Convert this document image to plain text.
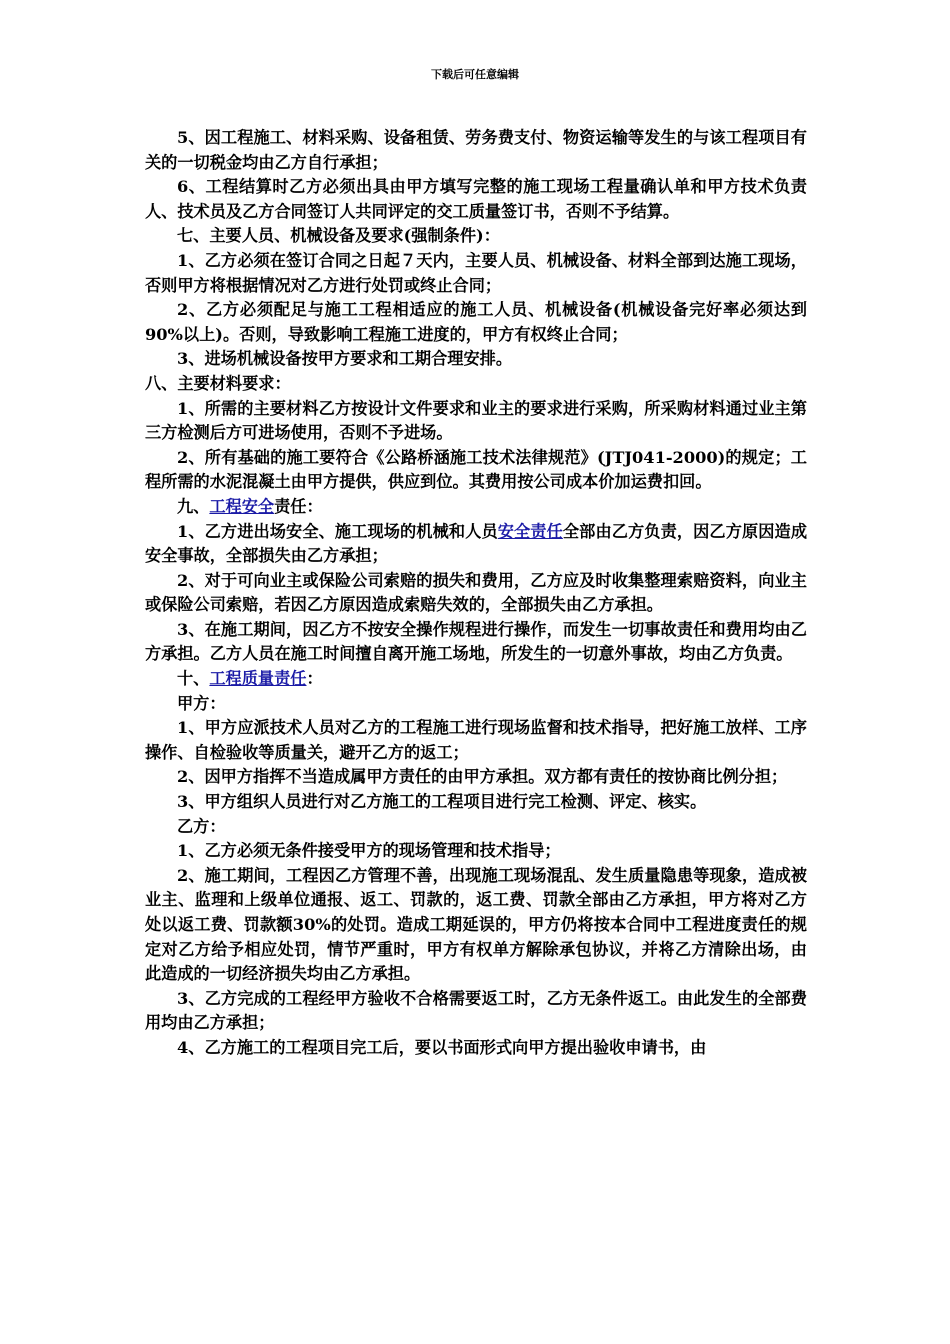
下载后可任意编辑

5、因工程施工、材料采购、设备租赁、劳务费支付、物资运输等发生的与该工程项目有关的一切税金均由乙方自行承担；

6、工程结算时乙方必须出具由甲方填写完整的施工现场工程量确认单和甲方技术负责人、技术员及乙方合同签订人共同评定的交工质量签订书，否则不予结算。

七、主要人员、机械设备及要求(强制条件)：

1、乙方必须在签订合同之日起７天内，主要人员、机械设备、材料全部到达施工现场，否则甲方将根据情况对乙方进行处罚或终止合同；

2、乙方必须配足与施工工程相适应的施工人员、机械设备(机械设备完好率必须达到90%以上)。否则，导致影响工程施工进度的，甲方有权终止合同；

3、进场机械设备按甲方要求和工期合理安排。

八、主要材料要求：

1、所需的主要材料乙方按设计文件要求和业主的要求进行采购，所采购材料通过业主第三方检测后方可进场使用，否则不予进场。

2、所有基础的施工要符合《公路桥涵施工技术法律规范》(JTJ041-2000)的规定；工程所需的水泥混凝土由甲方提供，供应到位。其费用按公司成本价加运费扣回。

九、工程安全责任：

1、乙方进出场安全、施工现场的机械和人员安全责任全部由乙方负责，因乙方原因造成安全事故，全部损失由乙方承担；

2、对于可向业主或保险公司索赔的损失和费用，乙方应及时收集整理索赔资料，向业主或保险公司索赔，若因乙方原因造成索赔失效的，全部损失由乙方承担。

3、在施工期间，因乙方不按安全操作规程进行操作，而发生一切事故责任和费用均由乙方承担。乙方人员在施工时间擅自离开施工场地，所发生的一切意外事故，均由乙方负责。

十、工程质量责任：

甲方：

1、甲方应派技术人员对乙方的工程施工进行现场监督和技术指导，把好施工放样、工序操作、自检验收等质量关，避开乙方的返工；

2、因甲方指挥不当造成属甲方责任的由甲方承担。双方都有责任的按协商比例分担；

3、甲方组织人员进行对乙方施工的工程项目进行完工检测、评定、核实。

乙方：

1、乙方必须无条件接受甲方的现场管理和技术指导；

2、施工期间，工程因乙方管理不善，出现施工现场混乱、发生质量隐患等现象，造成被业主、监理和上级单位通报、返工、罚款的，返工费、罚款全部由乙方承担，甲方将对乙方处以返工费、罚款额30%的处罚。造成工期延误的，甲方仍将按本合同中工程进度责任的规定对乙方给予相应处罚，情节严重时，甲方有权单方解除承包协议，并将乙方清除出场，由此造成的一切经济损失均由乙方承担。

3、乙方完成的工程经甲方验收不合格需要返工时，乙方无条件返工。由此发生的全部费用均由乙方承担；

4、乙方施工的工程项目完工后，要以书面形式向甲方提出验收申请书，由
